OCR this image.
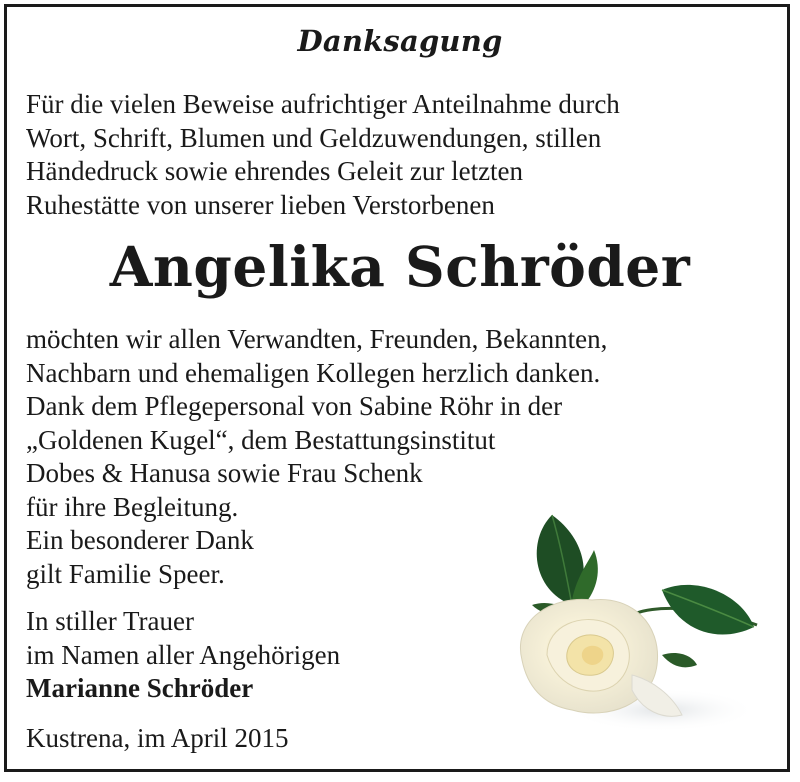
Danksagung
Für die vielen Beweise aufrichtiger Anteilnahme durch
Wort, Schrift, Blumen und Geldzuwendungen, stillen
Händedruck sowie ehrendes Geleit zur letzten
Ruhestätte von unserer lieben Verstorbenen
Angelika Schröder
möchten wir allen Verwandten, Freunden, Bekannten,
Nachbarn und ehemaligen Kollegen herzlich danken.
Dank dem Pflegepersonal von Sabine Röhr in der
„Goldenen Kugel“, dem Bestattungsinstitut
Dobes & Hanusa sowie Frau Schenk
für ihre Begleitung.
Ein besonderer Dank
gilt Familie Speer.
In stiller Trauer
im Namen aller Angehörigen
Marianne Schröder
Kustrena, im April 2015
